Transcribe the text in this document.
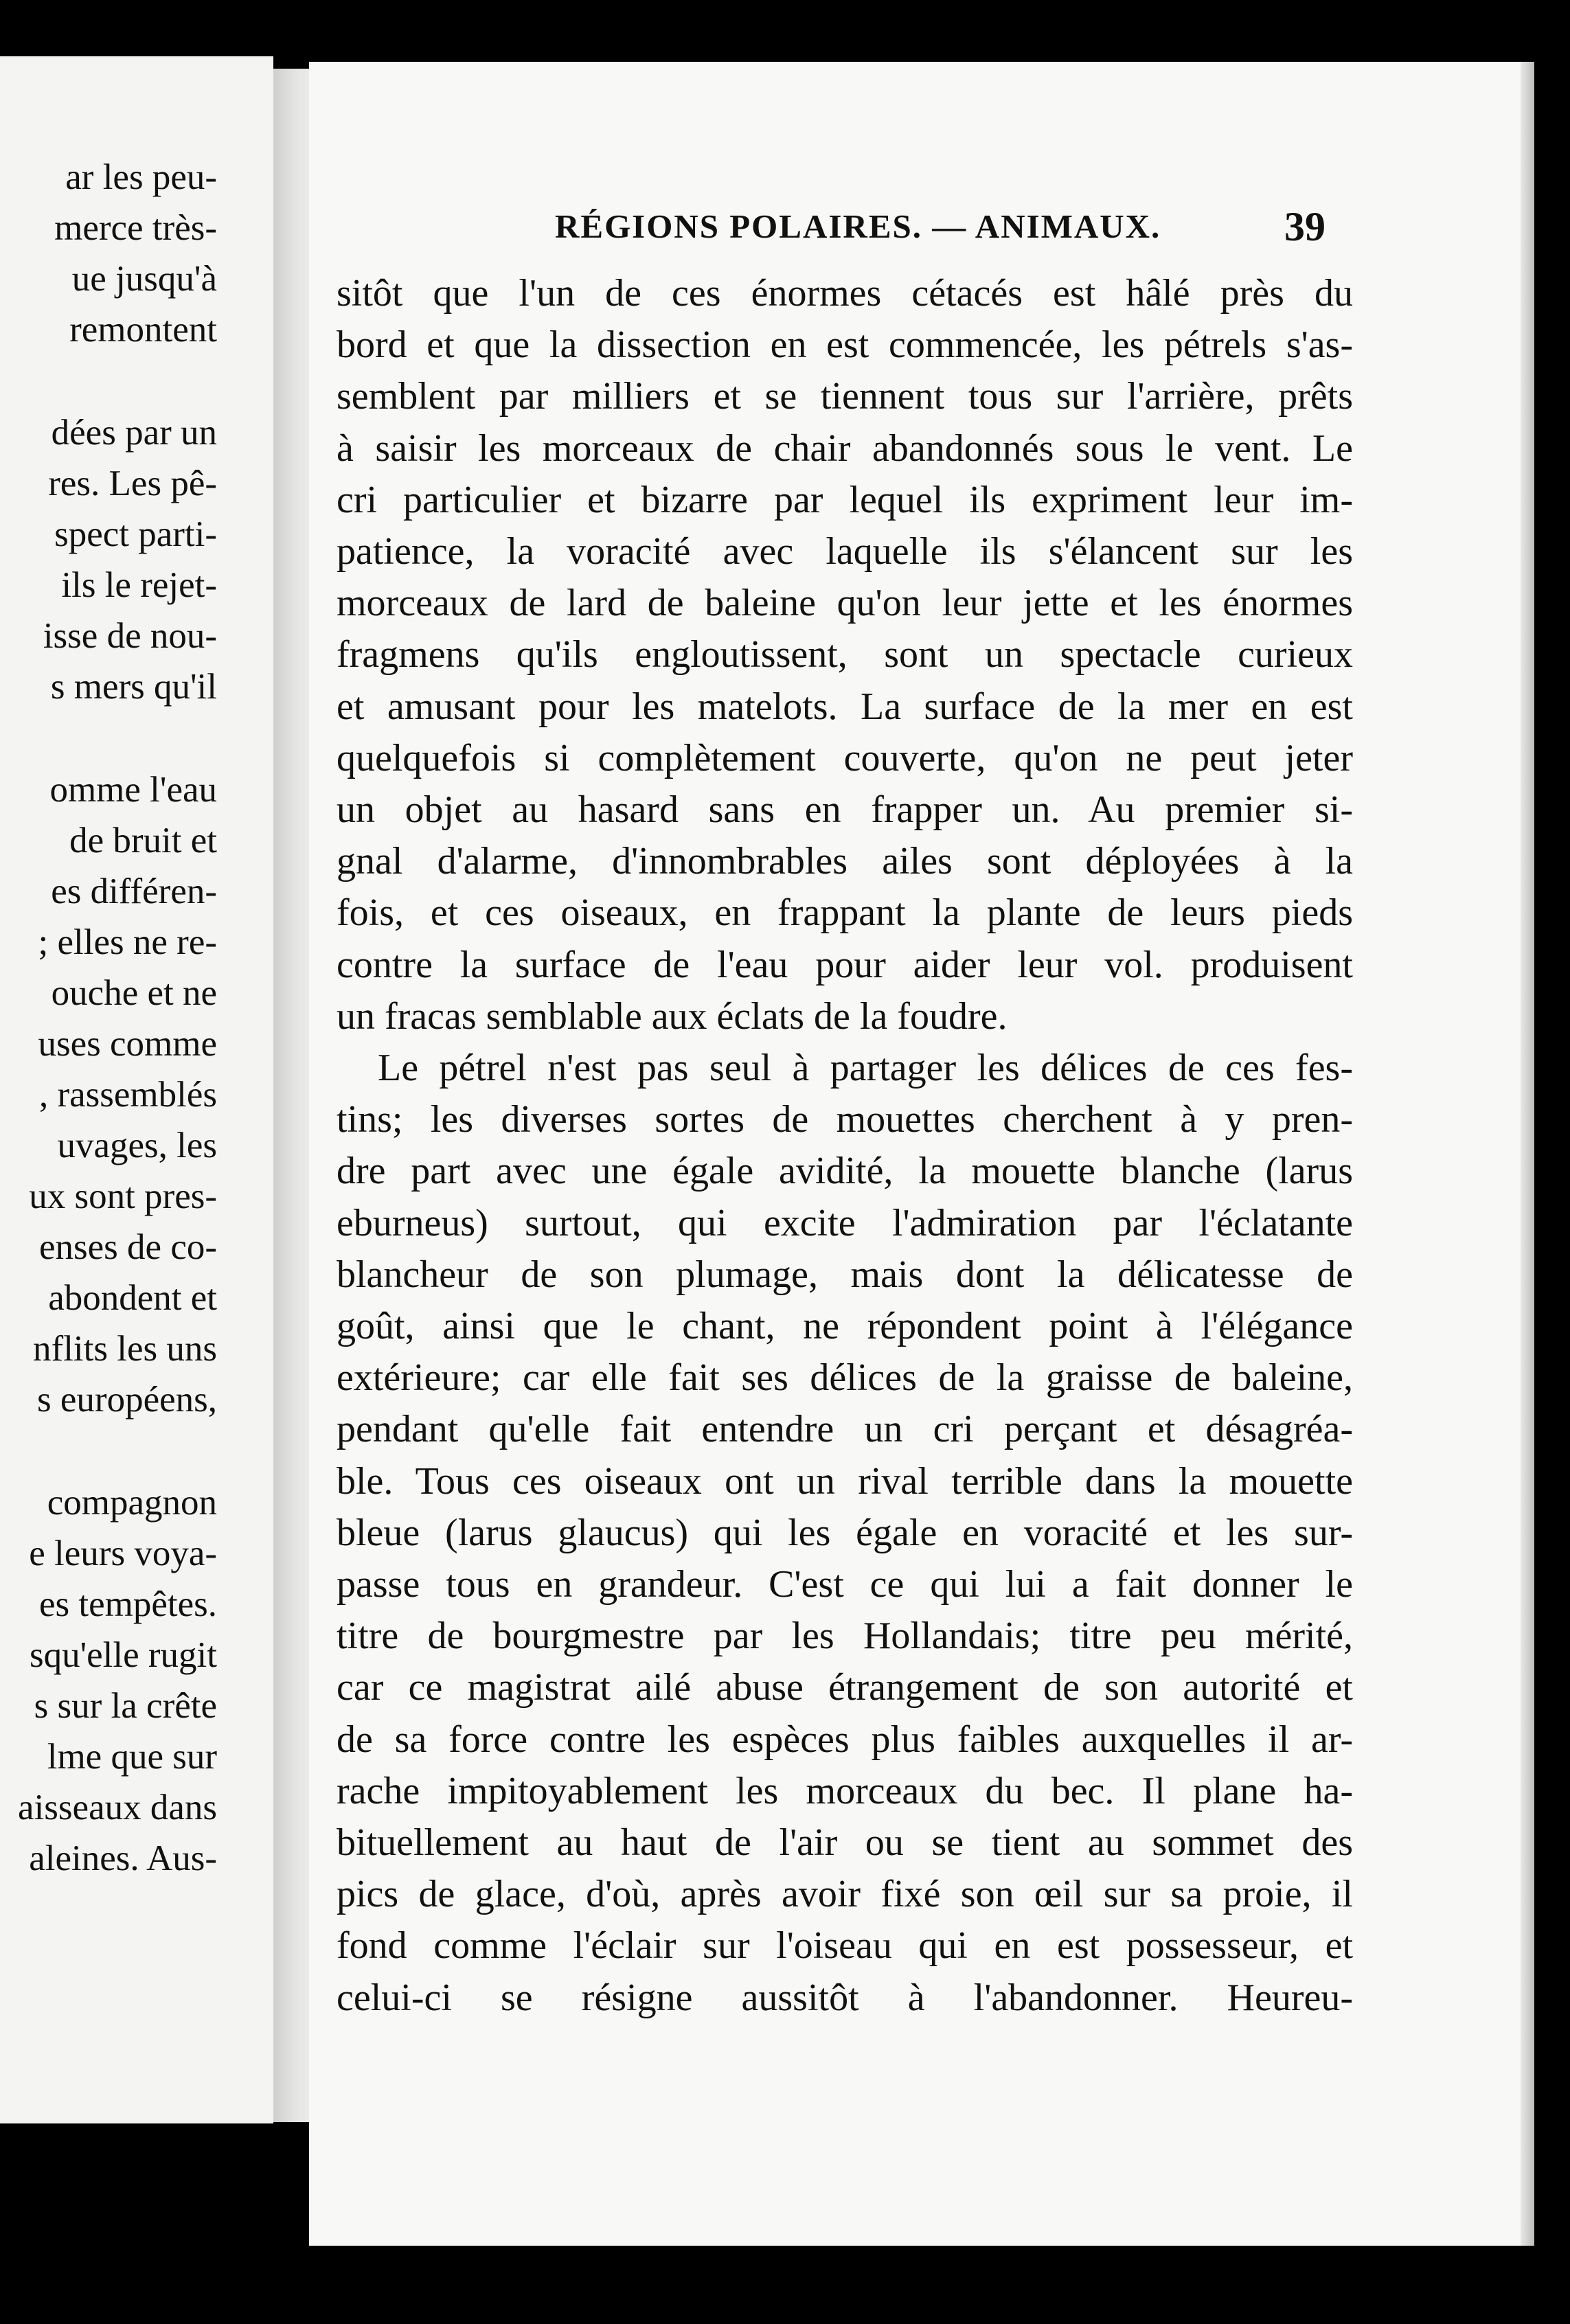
ar les peu-
merce très-
ue jusqu'à
remontent
dées par un
res. Les pê-
spect parti-
ils le rejet-
isse de nou-
s mers qu'il
omme l'eau
de bruit et
es différen-
; elles ne re-
ouche et ne
uses comme
, rassemblés
uvages, les
ux sont pres-
enses de co-
abondent et
nflits les uns
s européens,
compagnon
e leurs voya-
es tempêtes.
squ'elle rugit
s sur la crête
lme que sur
aisseaux dans
aleines. Aus-
RÉGIONS POLAIRES. — ANIMAUX.	39
sitôt que l'un de ces énormes cétacés est hâlé près du
bord et que la dissection en est commencée, les pétrels s'as-
semblent par milliers et se tiennent tous sur l'arrière, prêts
à saisir les morceaux de chair abandonnés sous le vent. Le
cri particulier et bizarre par lequel ils expriment leur im-
patience, la voracité avec laquelle ils s'élancent sur les
morceaux de lard de baleine qu'on leur jette et les énormes
fragmens qu'ils engloutissent, sont un spectacle curieux
et amusant pour les matelots. La surface de la mer en est
quelquefois si complètement couverte, qu'on ne peut jeter
un objet au hasard sans en frapper un. Au premier si-
gnal d'alarme, d'innombrables ailes sont déployées à la
fois, et ces oiseaux, en frappant la plante de leurs pieds
contre la surface de l'eau pour aider leur vol. produisent
un fracas semblable aux éclats de la foudre.
Le pétrel n'est pas seul à partager les délices de ces fes-
tins; les diverses sortes de mouettes cherchent à y pren-
dre part avec une égale avidité, la mouette blanche (larus
eburneus) surtout, qui excite l'admiration par l'éclatante
blancheur de son plumage, mais dont la délicatesse de
goût, ainsi que le chant, ne répondent point à l'élégance
extérieure; car elle fait ses délices de la graisse de baleine,
pendant qu'elle fait entendre un cri perçant et désagréa-
ble. Tous ces oiseaux ont un rival terrible dans la mouette
bleue (larus glaucus) qui les égale en voracité et les sur-
passe tous en grandeur. C'est ce qui lui a fait donner le
titre de bourgmestre par les Hollandais; titre peu mérité,
car ce magistrat ailé abuse étrangement de son autorité et
de sa force contre les espèces plus faibles auxquelles il ar-
rache impitoyablement les morceaux du bec. Il plane ha-
bituellement au haut de l'air ou se tient au sommet des
pics de glace, d'où, après avoir fixé son œil sur sa proie, il
fond comme l'éclair sur l'oiseau qui en est possesseur, et
celui-ci se résigne aussitôt à l'abandonner. Heureu-
